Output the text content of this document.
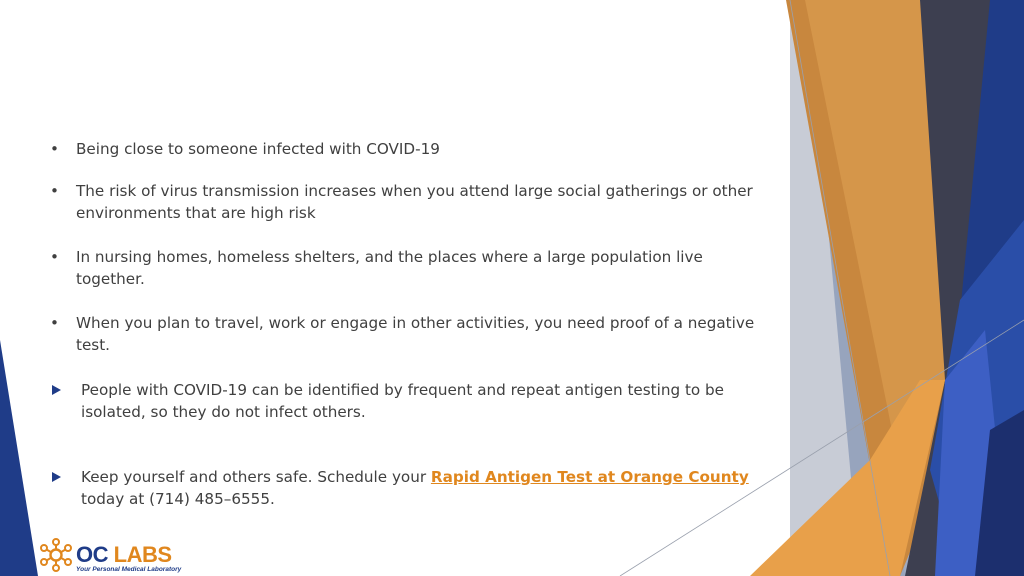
•	Being close to someone infected with COVID-19
•	The risk of virus transmission increases when you attend large social gatherings or other environments that are high risk
•	In nursing homes, homeless shelters, and the places where a large population live together.
•	When you plan to travel, work or engage in other activities, you need proof of a negative test.
People with COVID-19 can be identified by frequent and repeat antigen testing to be isolated, so they do not infect others.
Keep yourself and others safe. Schedule your Rapid Antigen Test at Orange County today at (714) 485–6555.
OC LABS
Your Personal Medical Laboratory
